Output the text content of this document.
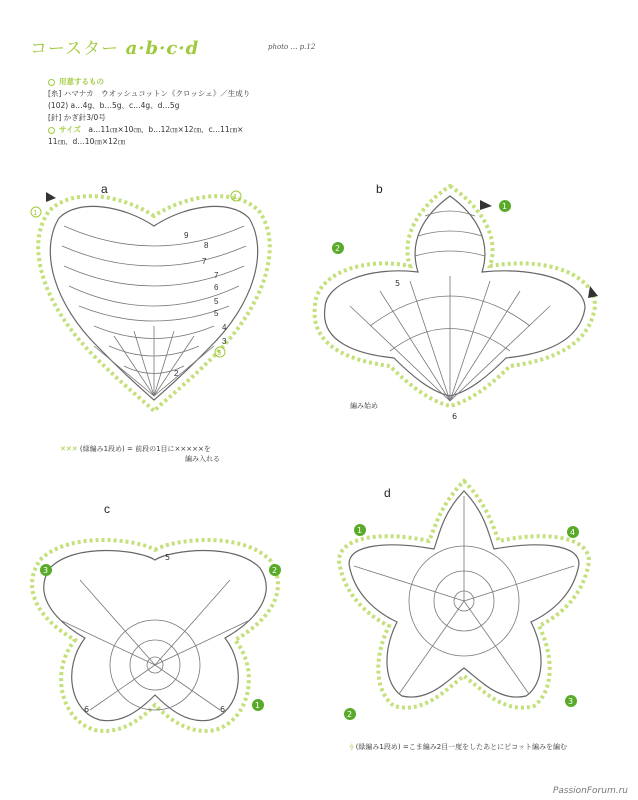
コースター a·b·c·d	photo … p.12
用意するもの
[糸] ハマナカ　ウオッシュコットン《クロッシェ》／生成り
(102) a…4g、b…5g、c…4g、d…5g
[針] かぎ針3/0号
サイズ　 a…11㎝×10㎝、b…12㎝×12㎝、c…11㎝×
11㎝、d…10㎝×12㎝
a
9
8
7
7
6
5
5
4
3
2
1
1
5
✕✕✕ (緑編み1段め) = 前段の1目に×××××を
編み入れる
b
5
6
1
2
編み始め
c
5
6	6	1
2
3
d
1
2
3
4
⟠ (緑編み1段め) =こま編み2目一度をしたあとにピコット編みを編む
PassionForum.ru
